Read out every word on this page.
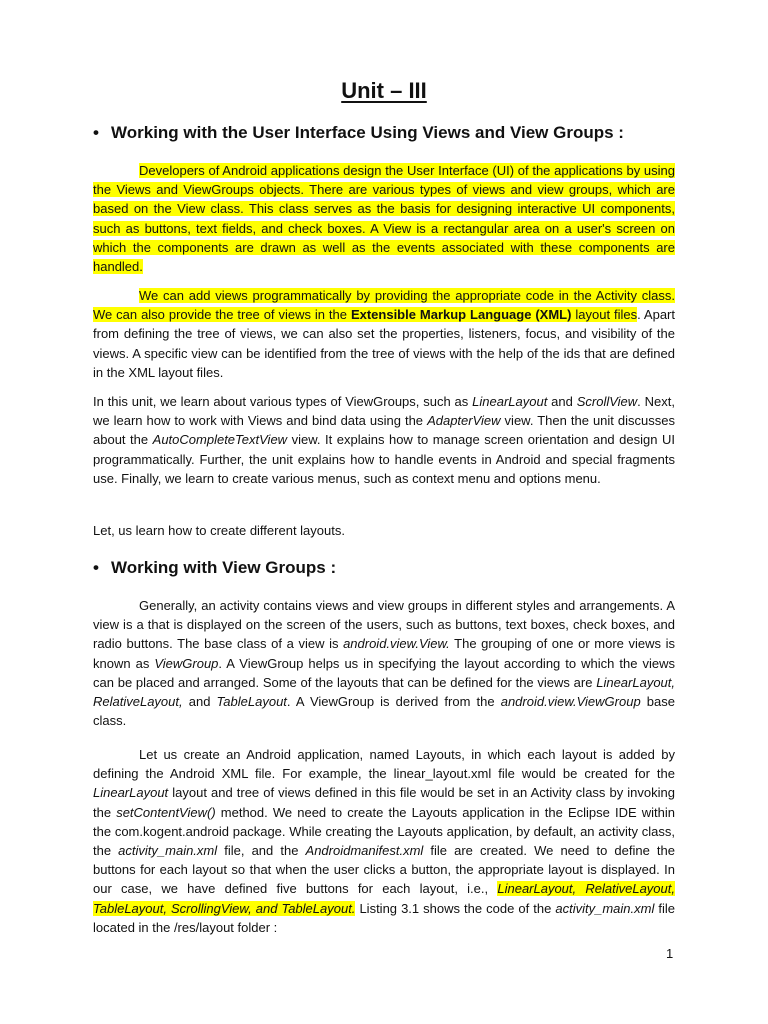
Unit – III
• Working with the User Interface Using Views and View Groups :

Developers of Android applications design the User Interface (UI) of the applications by using the Views and ViewGroups objects. There are various types of views and view groups, which are based on the View class. This class serves as the basis for designing interactive UI components, such as buttons, text fields, and check boxes. A View is a rectangular area on a user's screen on which the components are drawn as well as the events associated with these components are handled.

We can add views programmatically by providing the appropriate code in the Activity class. We can also provide the tree of views in the Extensible Markup Language (XML) layout files. Apart from defining the tree of views, we can also set the properties, listeners, focus, and visibility of the views. A specific view can be identified from the tree of views with the help of the ids that are defined in the XML layout files.

In this unit, we learn about various types of ViewGroups, such as LinearLayout and ScrollView. Next, we learn how to work with Views and bind data using the AdapterView view. Then the unit discusses about the AutoCompleteTextView view. It explains how to manage screen orientation and design UI programmatically. Further, the unit explains how to handle events in Android and special fragments use. Finally, we learn to create various menus, such as context menu and options menu.

Let, us learn how to create different layouts.

• Working with View Groups :

Generally, an activity contains views and view groups in different styles and arrangements. A view is a that is displayed on the screen of the users, such as buttons, text boxes, check boxes, and radio buttons. The base class of a view is android.view.View. The grouping of one or more views is known as ViewGroup. A ViewGroup helps us in specifying the layout according to which the views can be placed and arranged. Some of the layouts that can be defined for the views are LinearLayout, RelativeLayout, and TableLayout. A ViewGroup is derived from the android.view.ViewGroup base class.

Let us create an Android application, named Layouts, in which each layout is added by defining the Android XML file. For example, the linear_layout.xml file would be created for the LinearLayout layout and tree of views defined in this file would be set in an Activity class by invoking the setContentView() method. We need to create the Layouts application in the Eclipse IDE within the com.kogent.android package. While creating the Layouts application, by default, an activity class, the activity_main.xml file, and the Androidmanifest.xml file are created. We need to define the buttons for each layout so that when the user clicks a button, the appropriate layout is displayed. In our case, we have defined five buttons for each layout, i.e., LinearLayout, RelativeLayout, TableLayout, ScrollingView, and TableLayout. Listing 3.1 shows the code of the activity_main.xml file located in the /res/layout folder :

1
